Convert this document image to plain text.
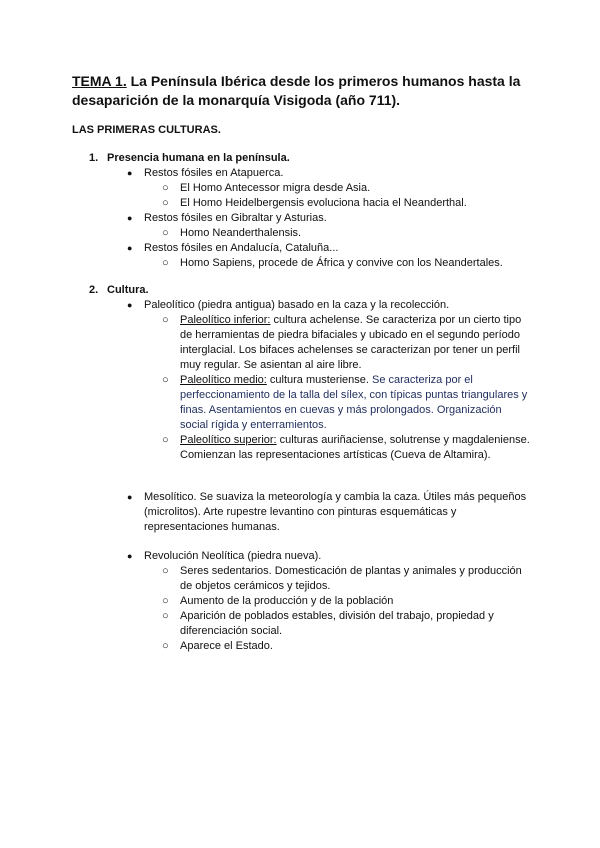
TEMA 1. La Península Ibérica desde los primeros humanos hasta la desaparición de la monarquía Visigoda (año 711).
LAS PRIMERAS CULTURAS.
1. Presencia humana en la península.
●	Restos fósiles en Atapuerca.
○	El Homo Antecessor migra desde Asia.
○	El Homo Heidelbergensis evoluciona hacia el Neanderthal.
●	Restos fósiles en Gibraltar y Asturias.
○	Homo Neanderthalensis.
●	Restos fósiles en Andalucía, Cataluña...
○	Homo Sapiens, procede de África y convive con los Neandertales.
2. Cultura.
●	Paleolítico (piedra antigua) basado en la caza y la recolección.
○	Paleolítico inferior: cultura achelense. Se caracteriza por un cierto tipo de herramientas de piedra bifaciales y ubicado en el segundo período interglacial. Los bifaces achelenses se caracterizan por tener un perfil muy regular. Se asientan al aire libre.
○	Paleolítico medio: cultura musteriense. Se caracteriza por el perfeccionamiento de la talla del sílex, con típicas puntas triangulares y finas. Asentamientos en cuevas y más prolongados. Organización social rígida y enterramientos.
○	Paleolítico superior: culturas auriñaciense, solutrense y magdaleniense. Comienzan las representaciones artísticas (Cueva de Altamira).
●	Mesolítico. Se suaviza la meteorología y cambia la caza. Útiles más pequeños (microlitos). Arte rupestre levantino con pinturas esquemáticas y representaciones humanas.
●	Revolución Neolítica (piedra nueva).
○	Seres sedentarios. Domesticación de plantas y animales y producción de objetos cerámicos y tejidos.
○	Aumento de la producción y de la población
○	Aparición de poblados estables, división del trabajo, propiedad y diferenciación social.
○	Aparece el Estado.
